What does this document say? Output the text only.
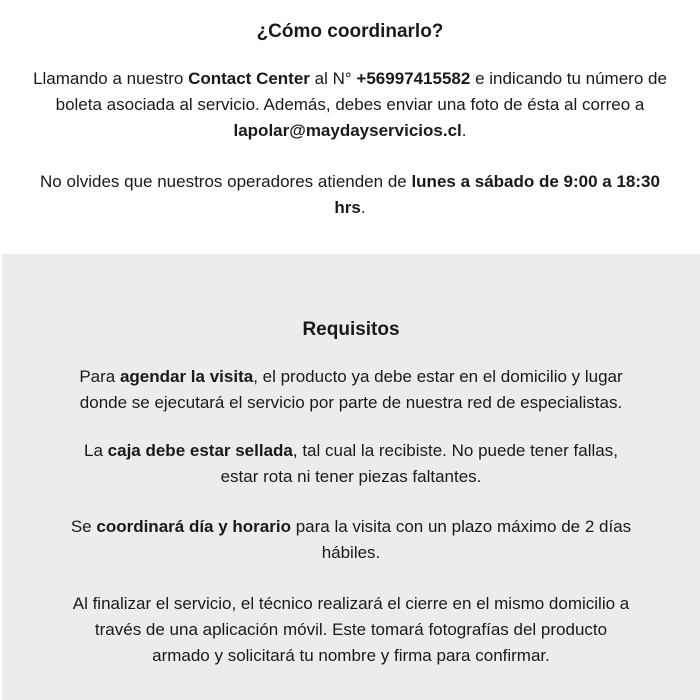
¿Cómo coordinarlo?

Llamando a nuestro Contact Center al N° +56997415582 e indicando tu número de
boleta asociada al servicio. Además, debes enviar una foto de ésta al correo a
lapolar@maydayservicios.cl.

No olvides que nuestros operadores atienden de lunes a sábado de 9:00 a 18:30
hrs.

Requisitos

Para agendar la visita, el producto ya debe estar en el domicilio y lugar
donde se ejecutará el servicio por parte de nuestra red de especialistas.

La caja debe estar sellada, tal cual la recibiste. No puede tener fallas,
estar rota ni tener piezas faltantes.

Se coordinará día y horario para la visita con un plazo máximo de 2 días
hábiles.

Al finalizar el servicio, el técnico realizará el cierre en el mismo domicilio a
través de una aplicación móvil. Este tomará fotografías del producto
armado y solicitará tu nombre y firma para confirmar.
